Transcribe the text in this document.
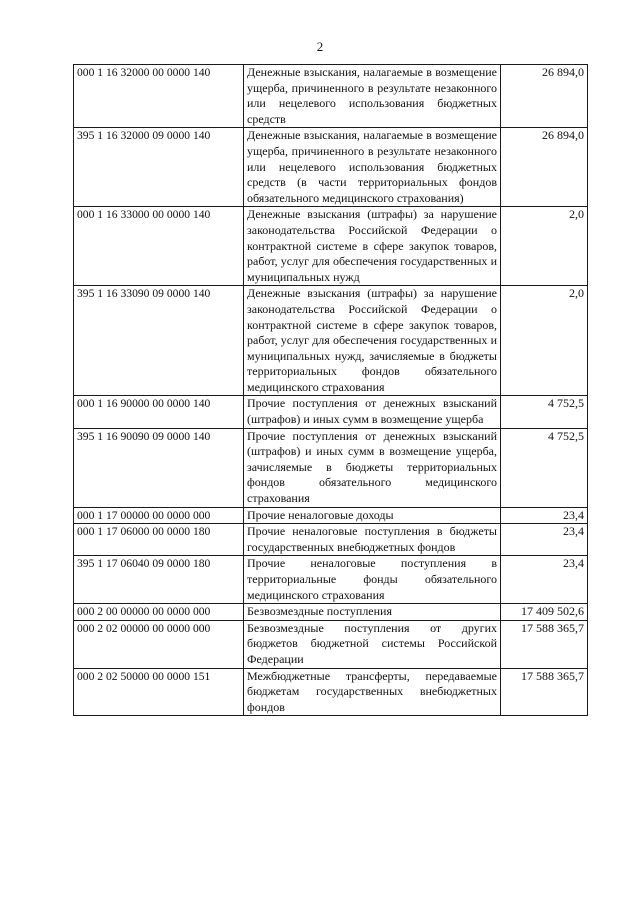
2
000 1 16 32000 00 0000 140	Денежные взыскания, налагаемые в возмещение ущерба, причиненного в результате незаконного или нецелевого использования бюджетных средств	26 894,0
395 1 16 32000 09 0000 140	Денежные взыскания, налагаемые в возмещение ущерба, причиненного в результате незаконного или нецелевого использования бюджетных средств (в части территориальных фондов обязательного медицинского страхования)	26 894,0
000 1 16 33000 00 0000 140	Денежные взыскания (штрафы) за нарушение законодательства Российской Федерации о контрактной системе в сфере закупок товаров, работ, услуг для обеспечения государственных и муниципальных нужд	2,0
395 1 16 33090 09 0000 140	Денежные взыскания (штрафы) за нарушение законодательства Российской Федерации о контрактной системе в сфере закупок товаров, работ, услуг для обеспечения государственных и муниципальных нужд, зачисляемые в бюджеты территориальных фондов обязательного медицинского страхования	2,0
000 1 16 90000 00 0000 140	Прочие поступления от денежных взысканий (штрафов) и иных сумм в возмещение ущерба	4 752,5
395 1 16 90090 09 0000 140	Прочие поступления от денежных взысканий (штрафов) и иных сумм в возмещение ущерба, зачисляемые в бюджеты территориальных фондов обязательного медицинского страхования	4 752,5
000 1 17 00000 00 0000 000	Прочие неналоговые доходы	23,4
000 1 17 06000 00 0000 180	Прочие неналоговые поступления в бюджеты государственных внебюджетных фондов	23,4
395 1 17 06040 09 0000 180	Прочие неналоговые поступления в территориальные фонды обязательного медицинского страхования	23,4
000 2 00 00000 00 0000 000	Безвозмездные поступления	17 409 502,6
000 2 02 00000 00 0000 000	Безвозмездные поступления от других бюджетов бюджетной системы Российской Федерации	17 588 365,7
000 2 02 50000 00 0000 151	Межбюджетные трансферты, передаваемые бюджетам государственных внебюджетных фондов	17 588 365,7
